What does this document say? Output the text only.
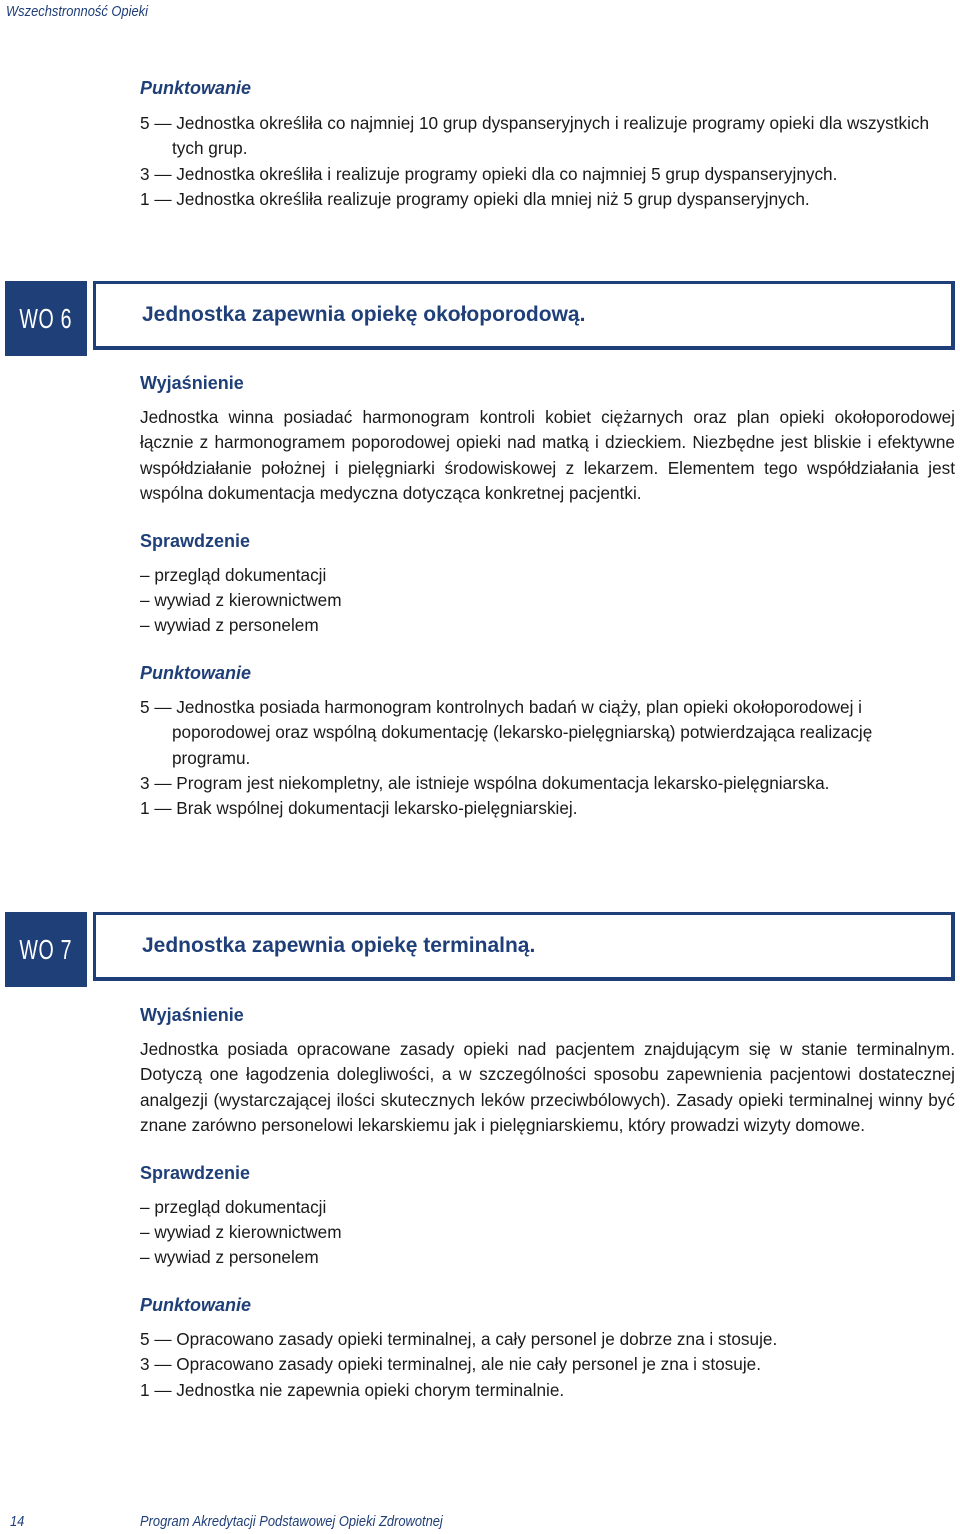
Wszechstronność Opieki

Punktowanie

5 — Jednostka określiła co najmniej 10 grup dyspanseryjnych i realizuje programy opieki dla wszystkich tych grup.

3 — Jednostka określiła i realizuje programy opieki dla co najmniej 5 grup dyspanseryjnych.

1 — Jednostka określiła realizuje programy opieki dla mniej niż 5 grup dyspanseryjnych.

WO 6	Jednostka zapewnia opiekę okołoporodową.

Wyjaśnienie

Jednostka winna posiadać harmonogram kontroli kobiet ciężarnych oraz plan opieki okołoporodowej łącznie z harmonogramem poporodowej opieki nad matką i dzieckiem. Niezbędne jest bliskie i efektywne współdziałanie położnej i pielęgniarki środowiskowej z lekarzem. Elementem tego współdziałania jest wspólna dokumentacja medyczna dotycząca konkretnej pacjentki.

Sprawdzenie

– przegląd dokumentacji

– wywiad z kierownictwem

– wywiad z personelem

Punktowanie

5 — Jednostka posiada harmonogram kontrolnych badań w ciąży, plan opieki okołoporodowej i poporodowej oraz wspólną dokumentację (lekarsko-pielęgniarską) potwierdzająca realizację programu.

3 — Program jest niekompletny, ale istnieje wspólna dokumentacja lekarsko-pielęgniarska.

1 — Brak wspólnej dokumentacji lekarsko-pielęgniarskiej.

WO 7	Jednostka zapewnia opiekę terminalną.

Wyjaśnienie

Jednostka posiada opracowane zasady opieki nad pacjentem znajdującym się w stanie terminalnym. Dotyczą one łagodzenia dolegliwości, a w szczególności sposobu zapewnienia pacjentowi dostatecznej analgezji (wystarczającej ilości skutecznych leków przeciwbólowych). Zasady opieki terminalnej winny być znane zarówno personelowi lekarskiemu jak i pielęgniarskiemu, który prowadzi wizyty domowe.

Sprawdzenie

– przegląd dokumentacji

– wywiad z kierownictwem

– wywiad z personelem

Punktowanie

5 — Opracowano zasady opieki terminalnej, a cały personel je dobrze zna i stosuje.

3 — Opracowano zasady opieki terminalnej, ale nie cały personel je zna i stosuje.

1 — Jednostka nie zapewnia opieki chorym terminalnie.

14	Program Akredytacji Podstawowej Opieki Zdrowotnej
